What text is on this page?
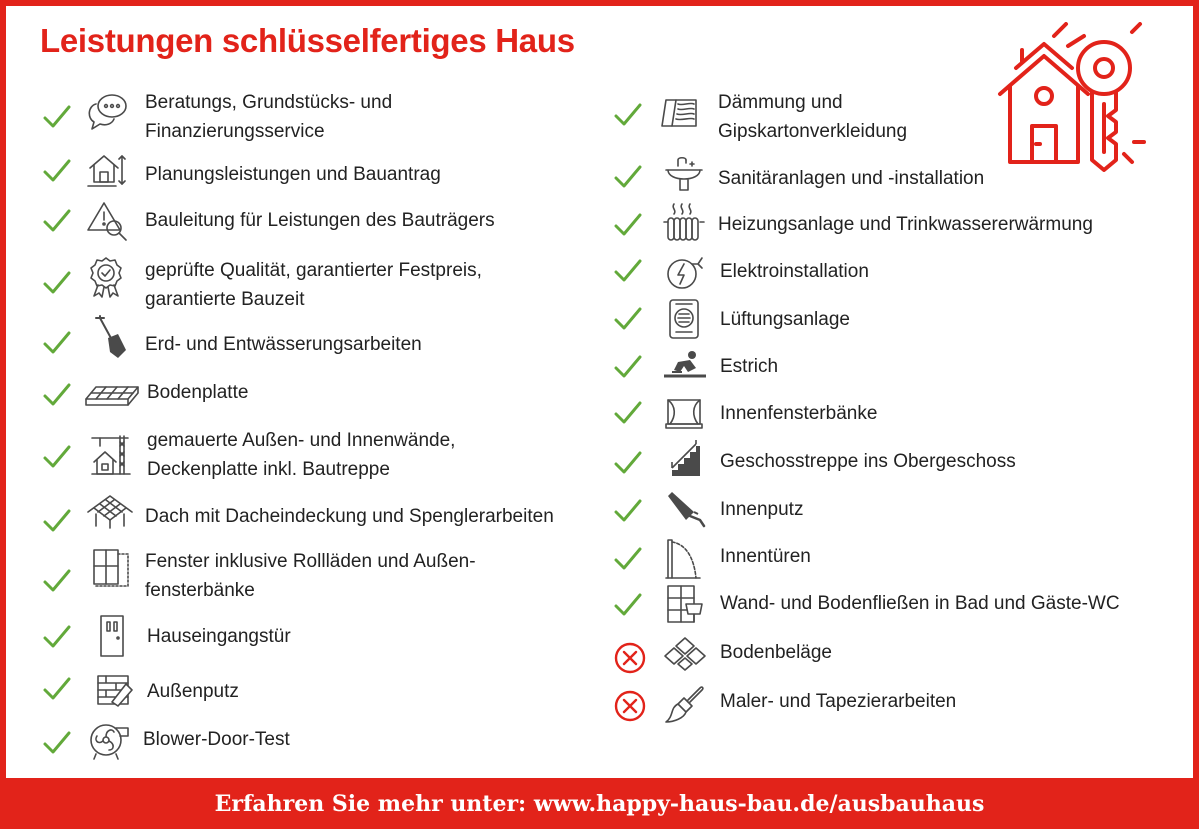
Leistungen schlüsselfertiges Haus
Beratungs, Grundstücks- und
Finanzierungsservice
Planungsleistungen und Bauantrag
Bauleitung für Leistungen des Bauträgers
geprüfte Qualität, garantierter Festpreis,
garantierte Bauzeit
Erd- und Entwässerungsarbeiten
Bodenplatte
gemauerte Außen- und Innenwände,
Deckenplatte inkl. Bautreppe
Dach mit Dacheindeckung und Spenglerarbeiten
Fenster inklusive Rollläden und Außen-
fensterbänke
Hauseingangstür
Außenputz
Blower-Door-Test
Dämmung und
Gipskartonverkleidung
Sanitäranlagen und -installation
Heizungsanlage und Trinkwassererwärmung
Elektroinstallation
Lüftungsanlage
Estrich
Innenfensterbänke
Geschosstreppe ins Obergeschoss
Innenputz
Innentüren
Wand- und Bodenfließen in Bad und Gäste-WC
Bodenbeläge
Maler- und Tapezierarbeiten
Erfahren Sie mehr unter: www.happy-haus-bau.de/ausbauhaus
